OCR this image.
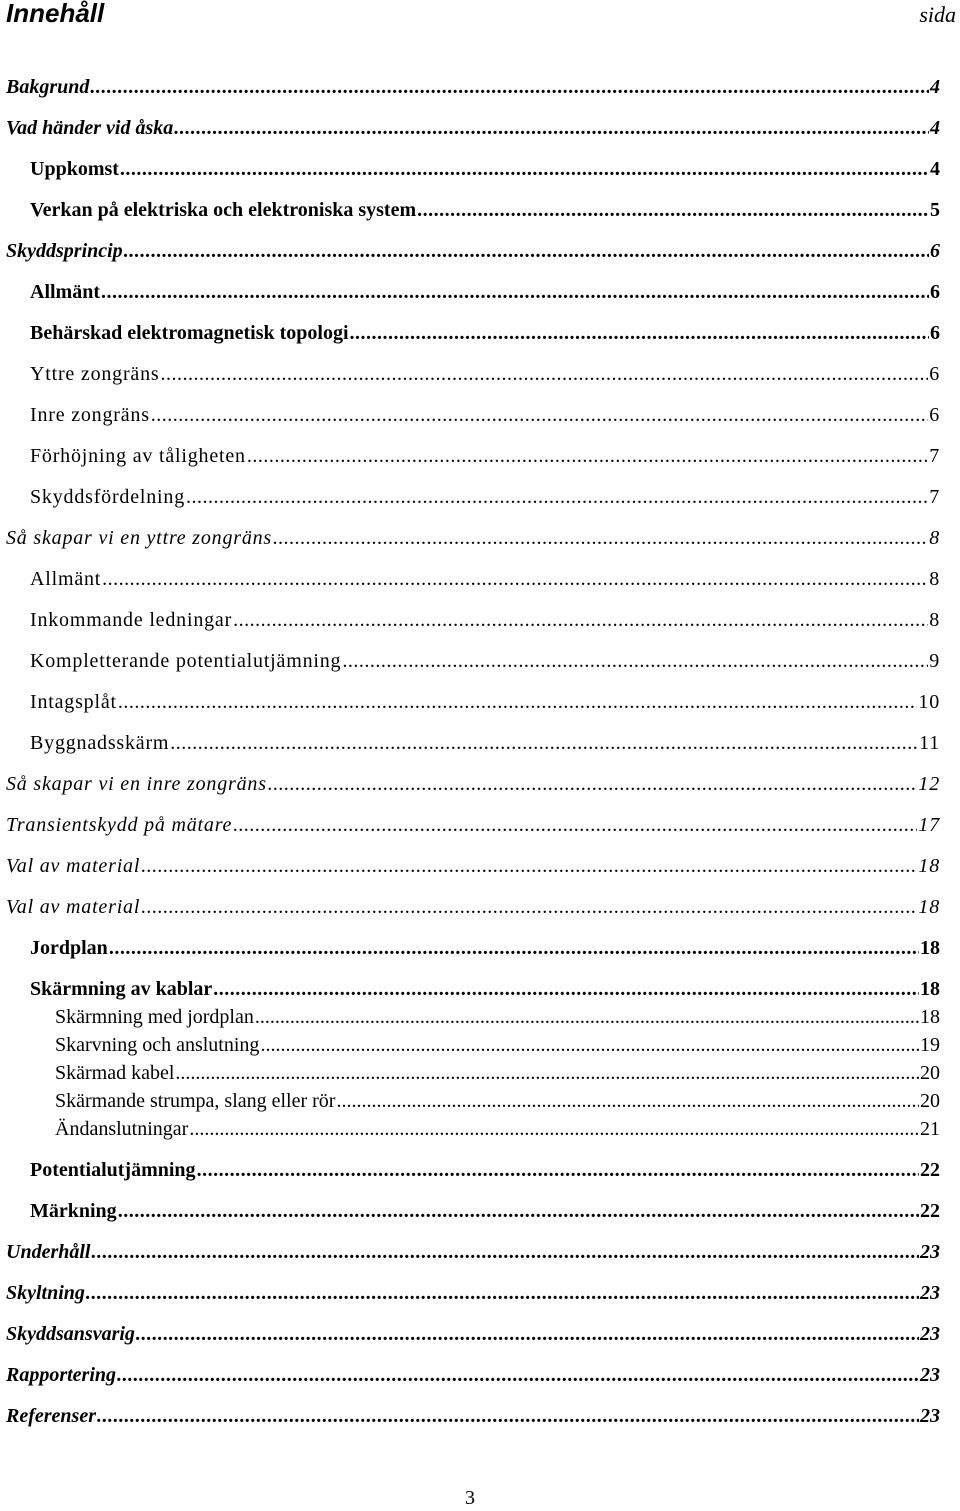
Innehåll	sida
Bakgrund .....	4
Vad händer vid åska .....	4
Uppkomst .....	4
Verkan på elektriska och elektroniska system .....	5
Skyddsprincip .....	6
Allmänt .....	6
Behärskad elektromagnetisk topologi .....	6
Yttre zongräns .....	6
Inre zongräns .....	6
Förhöjning av tåligheten .....	7
Skyddsfördelning .....	7
Så skapar vi en yttre zongräns .....	8
Allmänt .....	8
Inkommande ledningar .....	8
Kompletterande potentialutjämning .....	9
Intagsplåt .....	10
Byggnadsskärm .....	11
Så skapar vi en inre zongräns .....	12
Transientskydd på mätare .....	17
Val av material .....	18
Val av material .....	18
Jordplan .....	18
Skärmning av kablar .....	18
Skärmning med jordplan .....	18
Skarvning och anslutning .....	19
Skärmad kabel .....	20
Skärmande strumpa, slang eller rör .....	20
Ändanslutningar .....	21
Potentialutjämning .....	22
Märkning .....	22
Underhåll .....	23
Skyltning .....	23
Skyddsansvarig .....	23
Rapportering .....	23
Referenser .....	23
3
